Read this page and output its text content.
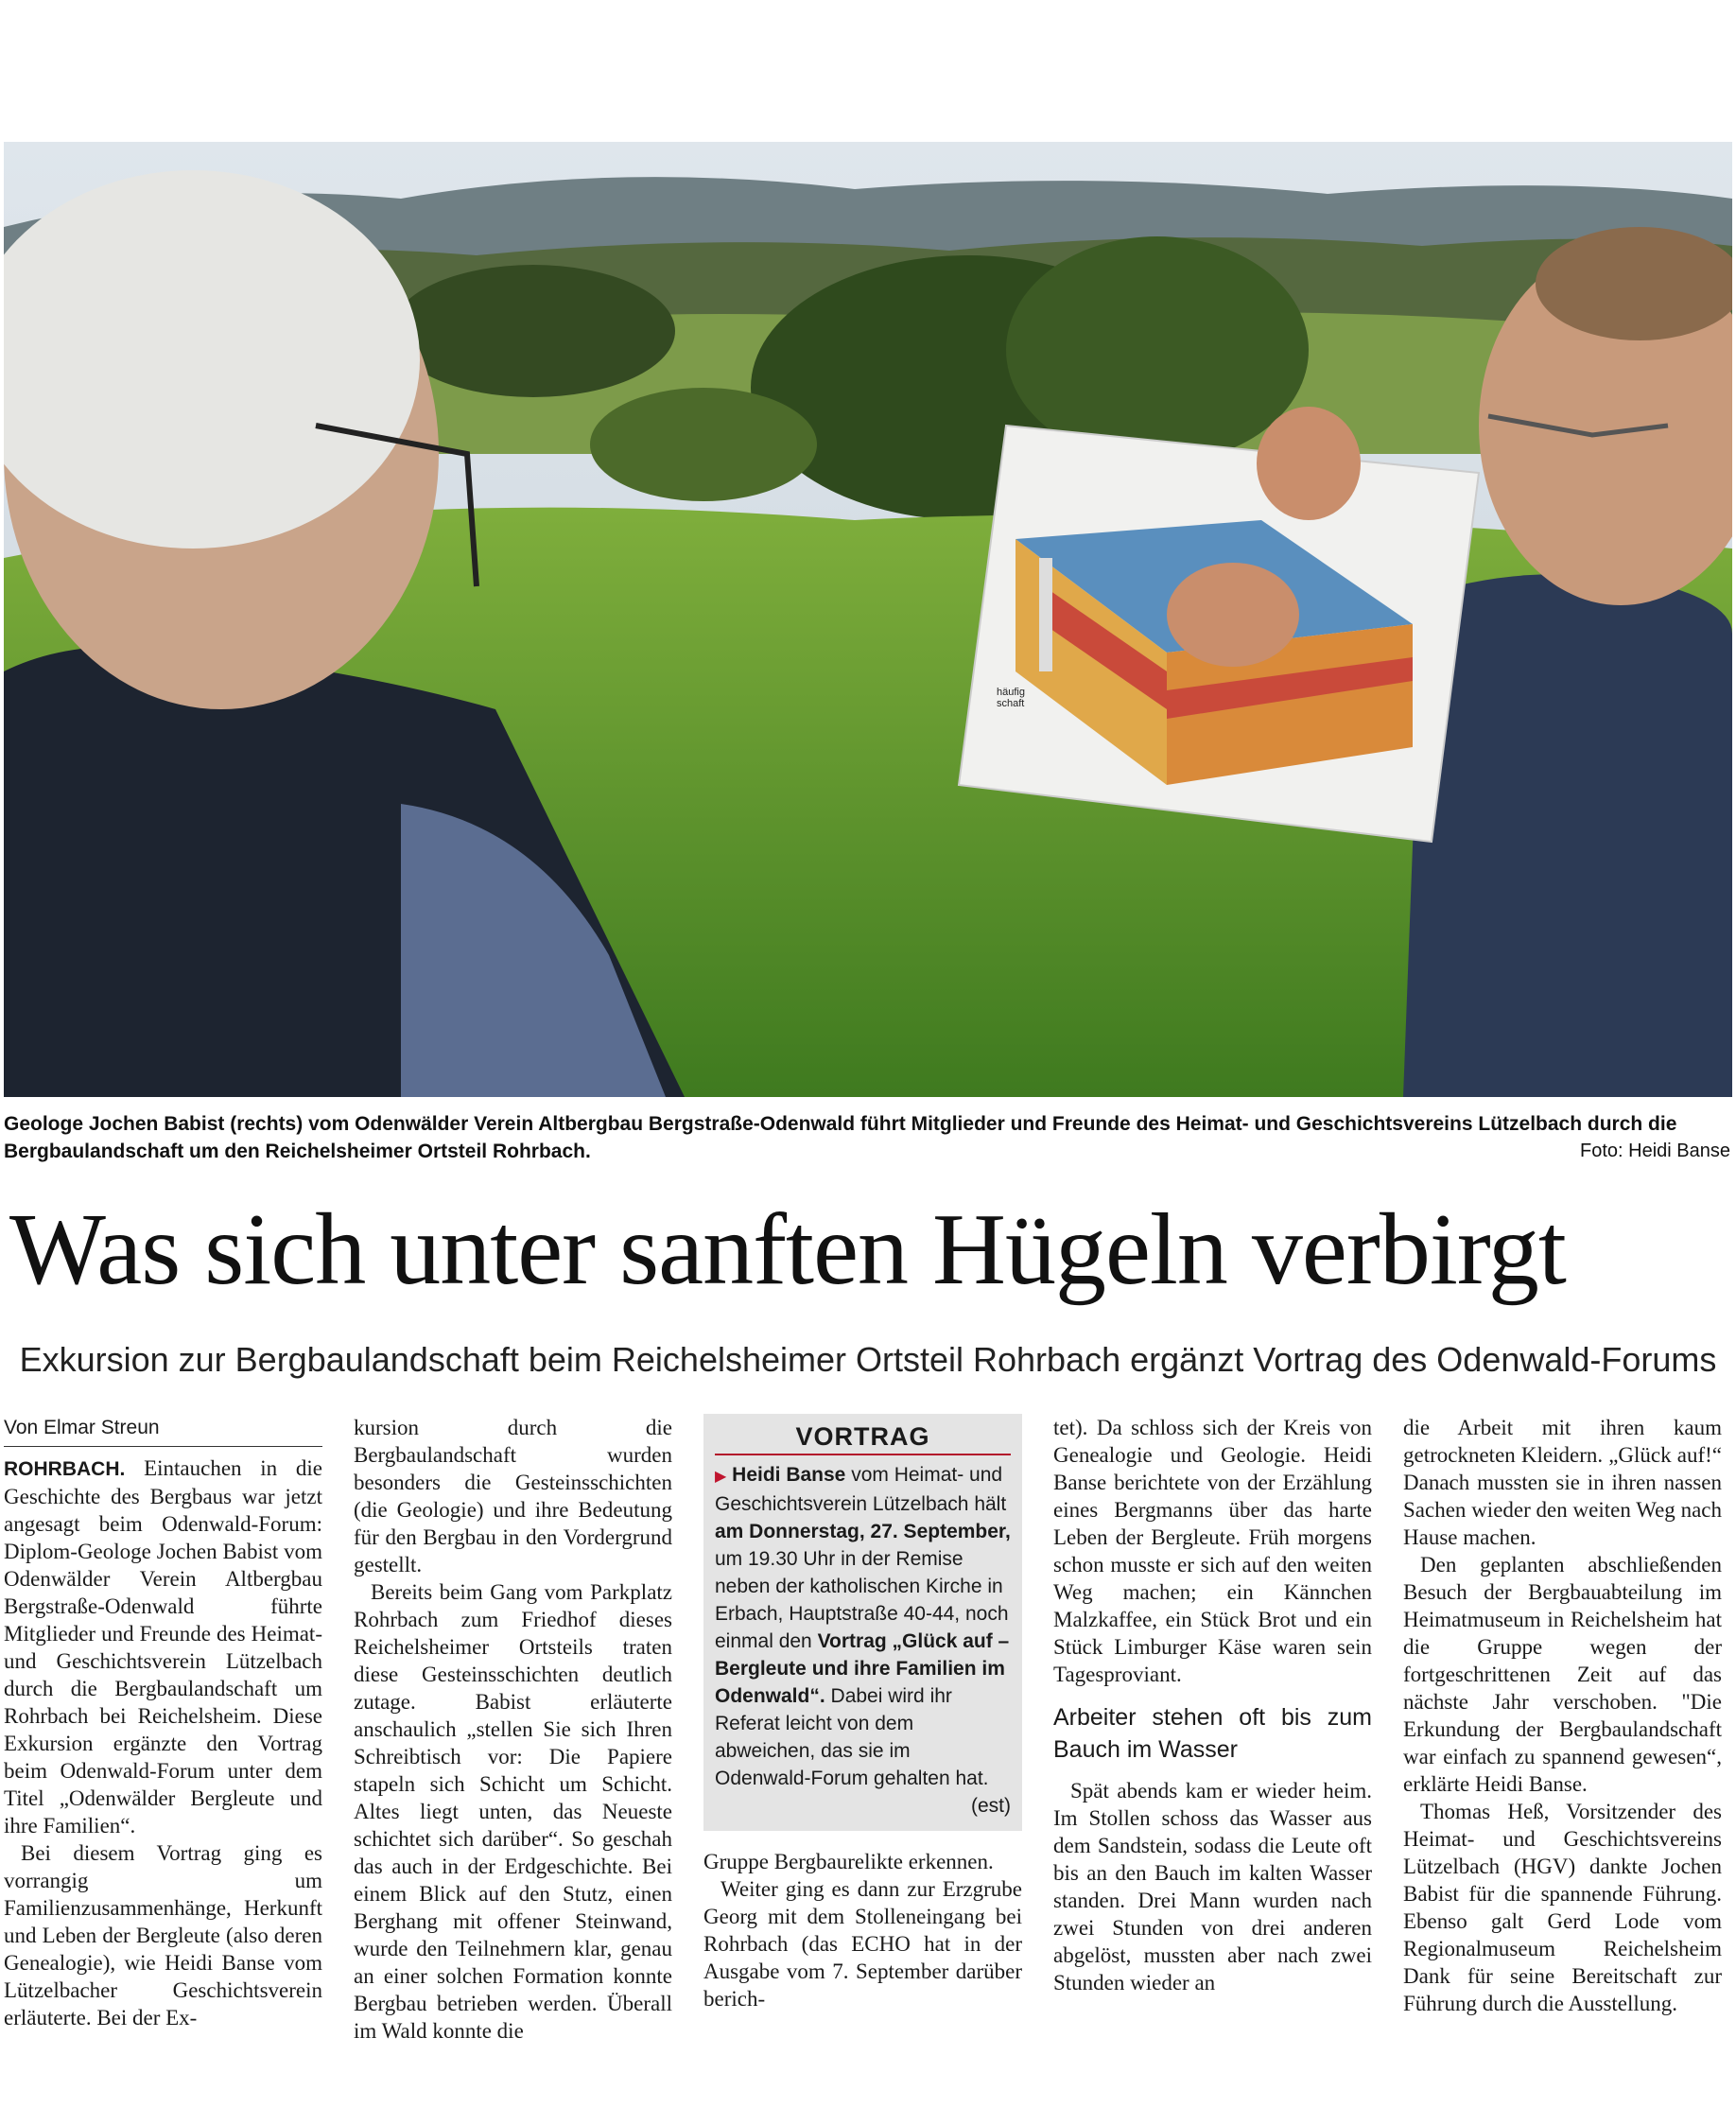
häufig
schaft
Geologe Jochen Babist (rechts) vom Odenwälder Verein Altbergbau Bergstraße-Odenwald führt Mitglieder und Freunde des Heimat- und Geschichtsvereins Lützelbach durch die Bergbaulandschaft um den Reichelsheimer Ortsteil Rohrbach.	Foto: Heidi Banse
Was sich unter sanften Hügeln verbirgt
Exkursion zur Bergbaulandschaft beim Reichelsheimer Ortsteil Rohrbach ergänzt Vortrag des Odenwald-Forums
Von Elmar Streun

ROHRBACH. Eintauchen in die Geschichte des Bergbaus war jetzt angesagt beim Odenwald-Forum: Diplom-Geologe Jochen Babist vom Odenwälder Verein Altbergbau Bergstraße-Odenwald führte Mitglieder und Freunde des Heimat- und Geschichtsverein Lützelbach durch die Bergbaulandschaft um Rohrbach bei Reichelsheim. Diese Exkursion ergänzte den Vortrag beim Odenwald-Forum unter dem Titel „Odenwälder Bergleute und ihre Familien“.

Bei diesem Vortrag ging es vorrangig um Familienzusammenhänge, Herkunft und Leben der Bergleute (also deren Genealogie), wie Heidi Banse vom Lützelbacher Geschichtsverein erläuterte. Bei der Ex-

kursion durch die Bergbaulandschaft wurden besonders die Gesteinsschichten (die Geologie) und ihre Bedeutung für den Bergbau in den Vordergrund gestellt.

Bereits beim Gang vom Parkplatz Rohrbach zum Friedhof dieses Reichelsheimer Ortsteils traten diese Gesteinsschichten deutlich zutage. Babist erläuterte anschaulich „stellen Sie sich Ihren Schreibtisch vor: Die Papiere stapeln sich Schicht um Schicht. Altes liegt unten, das Neueste schichtet sich darüber“. So geschah das auch in der Erdgeschichte. Bei einem Blick auf den Stutz, einen Berghang mit offener Steinwand, wurde den Teilnehmern klar, genau an einer solchen Formation konnte Bergbau betrieben werden. Überall im Wald konnte die

VORTRAG
▶ Heidi Banse vom Heimat- und Geschichtsverein Lützelbach hält am Donnerstag, 27. September, um 19.30 Uhr in der Remise neben der katholischen Kirche in Erbach, Hauptstraße 40-44, noch einmal den Vortrag „Glück auf – Bergleute und ihre Familien im Odenwald“. Dabei wird ihr Referat leicht von dem abweichen, das sie im Odenwald-Forum gehalten hat.
(est)

Gruppe Bergbaurelikte erkennen.

Weiter ging es dann zur Erzgrube Georg mit dem Stolleneingang bei Rohrbach (das ECHO hat in der Ausgabe vom 7. September darüber berich-

tet). Da schloss sich der Kreis von Genealogie und Geologie. Heidi Banse berichtete von der Erzählung eines Bergmanns über das harte Leben der Bergleute. Früh morgens schon musste er sich auf den weiten Weg machen; ein Kännchen Malzkaffee, ein Stück Brot und ein Stück Limburger Käse waren sein Tagesproviant.

Arbeiter stehen oft bis zum Bauch im Wasser

Spät abends kam er wieder heim. Im Stollen schoss das Wasser aus dem Sandstein, sodass die Leute oft bis an den Bauch im kalten Wasser standen. Drei Mann wurden nach zwei Stunden von drei anderen abgelöst, mussten aber nach zwei Stunden wieder an

die Arbeit mit ihren kaum getrockneten Kleidern. „Glück auf!“ Danach mussten sie in ihren nassen Sachen wieder den weiten Weg nach Hause machen.

Den geplanten abschließenden Besuch der Bergbauabteilung im Heimatmuseum in Reichelsheim hat die Gruppe wegen der fortgeschrittenen Zeit auf das nächste Jahr verschoben. "Die Erkundung der Bergbaulandschaft war einfach zu spannend gewesen“, erklärte Heidi Banse.

Thomas Heß, Vorsitzender des Heimat- und Geschichtsvereins Lützelbach (HGV) dankte Jochen Babist für die spannende Führung. Ebenso galt Gerd Lode vom Regionalmuseum Reichelsheim Dank für seine Bereitschaft zur Führung durch die Ausstellung.
